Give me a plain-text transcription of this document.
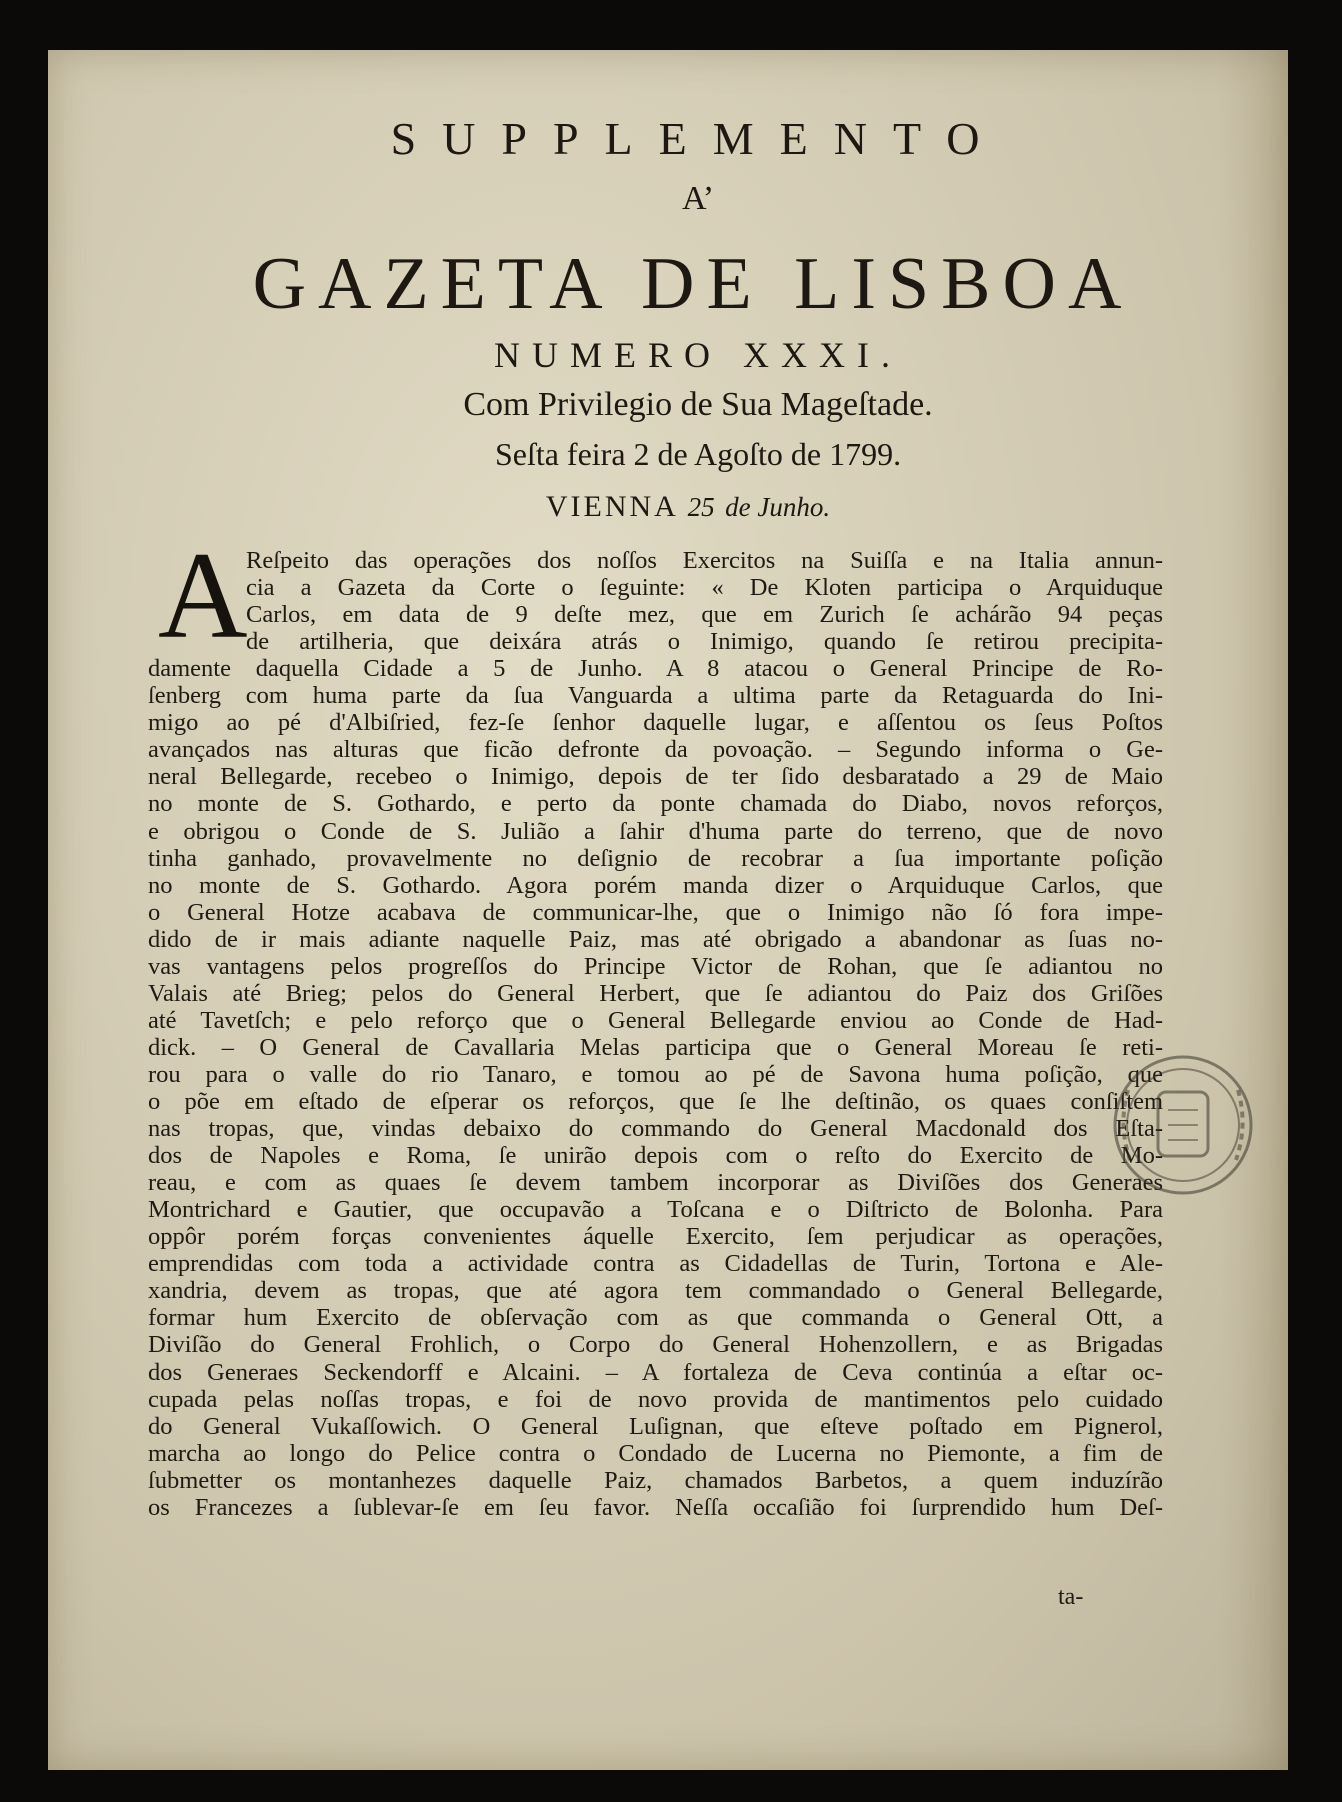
SUPPLEMENTO
A’
GAZETA DE LISBOA
NUMERO XXXI.
Com Privilegio de Sua Mageſtade.
Seſta feira 2 de Agoſto de 1799.
VIENNA 25 de Junho.
A

Reſpeito das operações dos noſſos Exercitos na Suiſſa e na Italia annun-

cia a Gazeta da Corte o ſeguinte: « De Kloten participa o Arquiduque

Carlos, em data de 9 deſte mez, que em Zurich ſe achárão 94 peças

de artilheria, que deixára atrás o Inimigo, quando ſe retirou precipita-

damente daquella Cidade a 5 de Junho. A 8 atacou o General Principe de Ro-

ſenberg com huma parte da ſua Vanguarda a ultima parte da Retaguarda do Ini-

migo ao pé d'Albiſried, fez-ſe ſenhor daquelle lugar, e aſſentou os ſeus Poſtos

avançados nas alturas que ficão defronte da povoação. – Segundo informa o Ge-

neral Bellegarde, recebeo o Inimigo, depois de ter ſido desbaratado a 29 de Maio

no monte de S. Gothardo, e perto da ponte chamada do Diabo, novos reforços,

e obrigou o Conde de S. Julião a ſahir d'huma parte do terreno, que de novo

tinha ganhado, provavelmente no deſignio de recobrar a ſua importante poſição

no monte de S. Gothardo. Agora porém manda dizer o Arquiduque Carlos, que

o General Hotze acabava de communicar-lhe, que o Inimigo não ſó fora impe-

dido de ir mais adiante naquelle Paiz, mas até obrigado a abandonar as ſuas no-

vas vantagens pelos progreſſos do Principe Victor de Rohan, que ſe adiantou no

Valais até Brieg; pelos do General Herbert, que ſe adiantou do Paiz dos Griſões

até Tavetſch; e pelo reforço que o General Bellegarde enviou ao Conde de Had-

dick. – O General de Cavallaria Melas participa que o General Moreau ſe reti-

rou para o valle do rio Tanaro, e tomou ao pé de Savona huma poſição, que

o põe em eſtado de eſperar os reforços, que ſe lhe deſtinão, os quaes conſiſtem

nas tropas, que, vindas debaixo do commando do General Macdonald dos Eſta-

dos de Napoles e Roma, ſe unirão depois com o reſto do Exercito de Mo-

reau, e com as quaes ſe devem tambem incorporar as Diviſões dos Generaes

Montrichard e Gautier, que occupavão a Toſcana e o Diſtricto de Bolonha. Para

oppôr porém forças convenientes áquelle Exercito, ſem perjudicar as operações,

emprendidas com toda a actividade contra as Cidadellas de Turin, Tortona e Ale-

xandria, devem as tropas, que até agora tem commandado o General Bellegarde,

formar hum Exercito de obſervação com as que commanda o General Ott, a

Diviſão do General Frohlich, o Corpo do General Hohenzollern, e as Brigadas

dos Generaes Seckendorff e Alcaini. – A fortaleza de Ceva continúa a eſtar oc-

cupada pelas noſſas tropas, e foi de novo provida de mantimentos pelo cuidado

do General Vukaſſowich. O General Luſignan, que eſteve poſtado em Pignerol,

marcha ao longo do Pelice contra o Condado de Lucerna no Piemonte, a fim de

ſubmetter os montanhezes daquelle Paiz, chamados Barbetos, a quem induzírão

os Francezes a ſublevar-ſe em ſeu favor. Neſſa occaſião foi ſurprendido hum Deſ-

ta-
